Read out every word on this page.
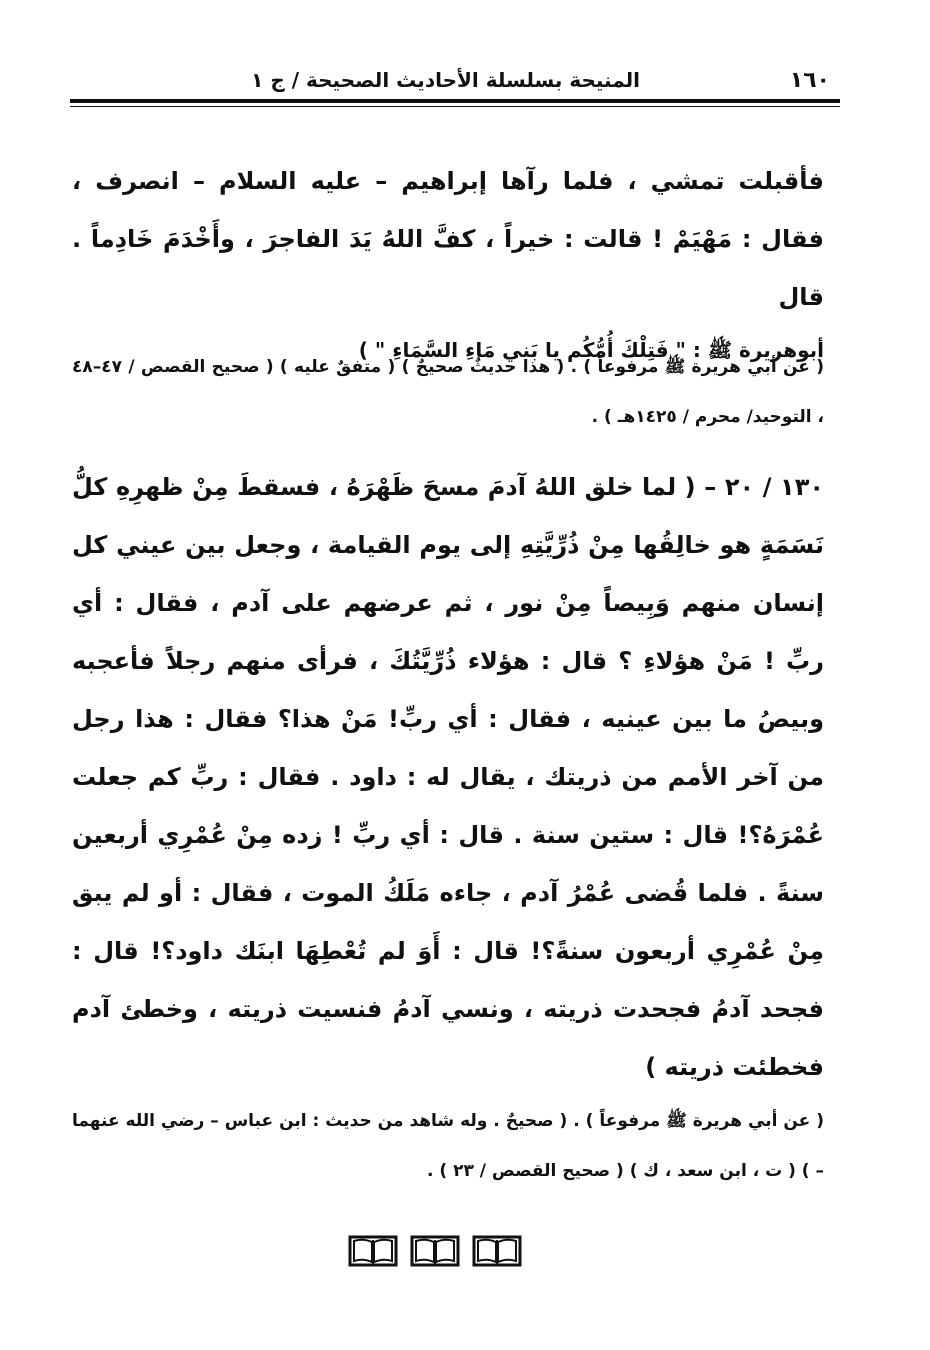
١٦٠
المنيحة بسلسلة الأحاديث الصحيحة / ج ١

فأقبلت تمشي ، فلما رآها إبراهيم – عليه السلام – انصرف ، فقال : مَهْيَمْ ! قالت : خيراً ، كفَّ اللهُ يَدَ الفاجرَ ، وأَخْدَمَ خَادِماً . قال

أبوهريرة ﷺ : " فَتِلْكَ أُمُّكُم يا بَني مَاءِ السَّمَاءِ " )

( عن أبي هريرة ﷺ مرفوعاً ) . ( هذا حديثٌ صحيحٌ ) ( متفقٌ عليه ) ( صحيح القصص / ٤٧–٤٨ ، التوحيد/ محرم / ١٤٢٥هـ ) .

١٣٠ / ٢٠ – ( لما خلق اللهُ آدمَ مسحَ ظَهْرَهُ ، فسقطَ مِنْ ظهرِهِ كلُّ نَسَمَةٍ هو خالِقُها مِنْ ذُرِّيَّتِهِ إلى يوم القيامة ، وجعل بين عيني كل إنسان منهم وَبِيصاً مِنْ نور ، ثم عرضهم على آدم ، فقال : أي ربِّ ! مَنْ هؤلاءِ ؟ قال : هؤلاء ذُرِّيَّتُكَ ، فرأى منهم رجلاً فأعجبه وبيصُ ما بين عينيه ، فقال : أي ربِّ! مَنْ هذا؟ فقال : هذا رجل من آخر الأمم من ذريتك ، يقال له : داود . فقال : ربِّ كم جعلت عُمْرَهُ؟! قال : ستين سنة . قال : أي ربِّ ! زده مِنْ عُمْرِي أربعين سنةً . فلما قُضى عُمْرُ آدم ، جاءه مَلَكُ الموت ، فقال : أو لم يبق مِنْ عُمْرِي أربعون سنةً؟! قال : أَوَ لم تُعْطِهَا ابنَك داود؟! قال : فجحد آدمُ فجحدت ذريته ، ونسي آدمُ فنسيت ذريته ، وخطئ آدم فخطئت ذريته )

( عن أبي هريرة ﷺ مرفوعاً ) . ( صحيحٌ . وله شاهد من حديث : ابن عباس – رضي الله عنهما – ) ( ت ، ابن سعد ، ك ) ( صحيح القصص / ٢٣ ) .
